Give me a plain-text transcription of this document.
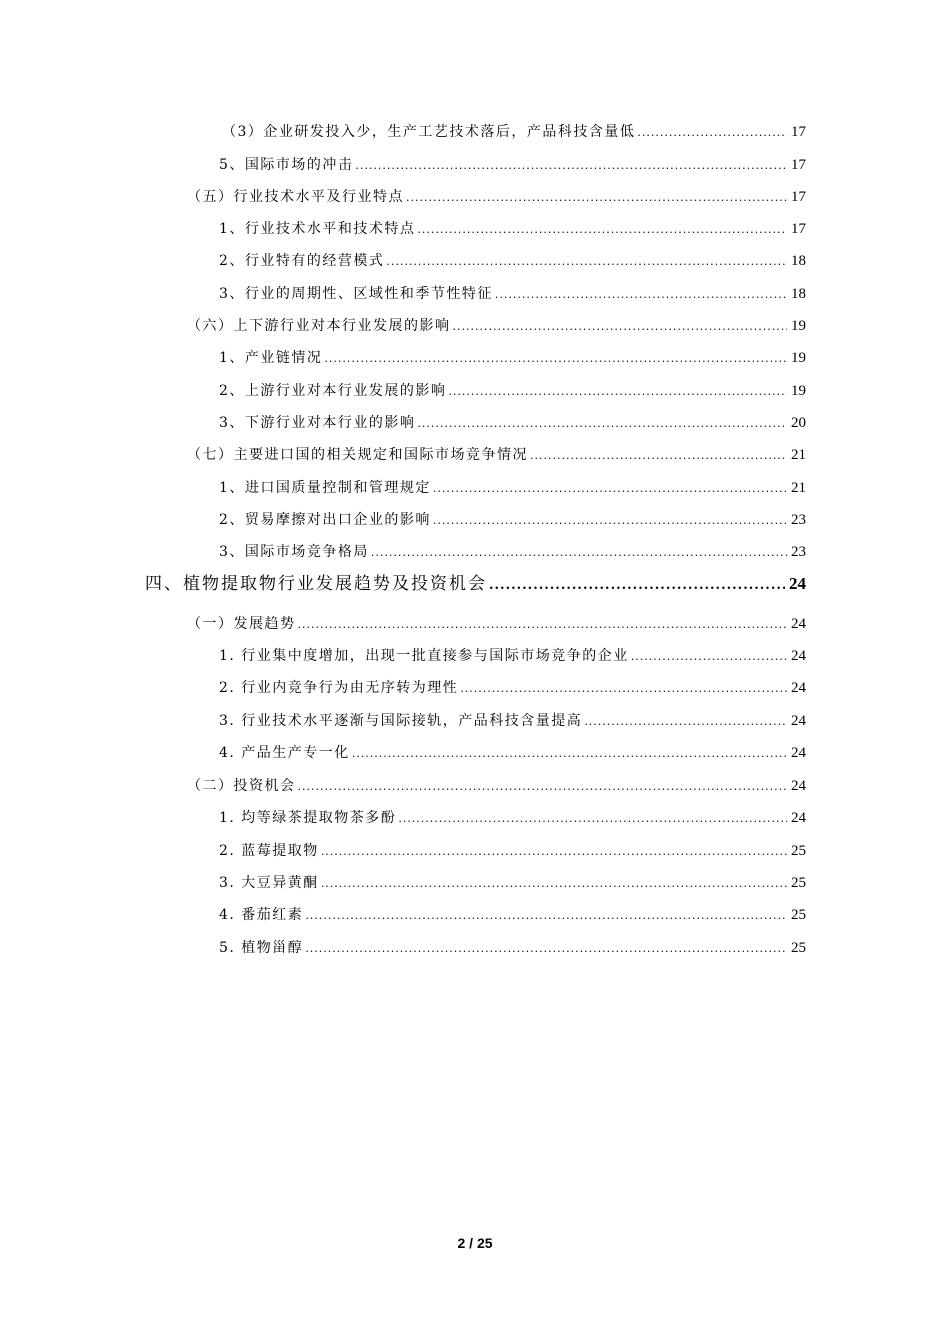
（3）企业研发投入少，生产工艺技术落后，产品科技含量低 .....	17
5、国际市场的冲击 .....	17
（五）行业技术水平及行业特点 .....	17
1、行业技术水平和技术特点 .....	17
2、行业特有的经营模式 .....	18
3、行业的周期性、区域性和季节性特征 .....	18
（六）上下游行业对本行业发展的影响 .....	19
1、产业链情况 .....	19
2、上游行业对本行业发展的影响 .....	19
3、下游行业对本行业的影响 .....	20
（七）主要进口国的相关规定和国际市场竞争情况 .....	21
1、进口国质量控制和管理规定 .....	21
2、贸易摩擦对出口企业的影响 .....	23
3、国际市场竞争格局 .....	23
四、植物提取物行业发展趋势及投资机会 .....	24
（一）发展趋势 .....	24
1. 行业集中度增加，出现一批直接参与国际市场竞争的企业 .....	24
2. 行业内竞争行为由无序转为理性 .....	24
3. 行业技术水平逐渐与国际接轨，产品科技含量提高 .....	24
4. 产品生产专一化 .....	24
（二）投资机会 .....	24
1. 均等绿茶提取物茶多酚 .....	24
2. 蓝莓提取物 .....	25
3. 大豆异黄酮 .....	25
4. 番茄红素 .....	25
5. 植物甾醇 .....	25
2 / 25
